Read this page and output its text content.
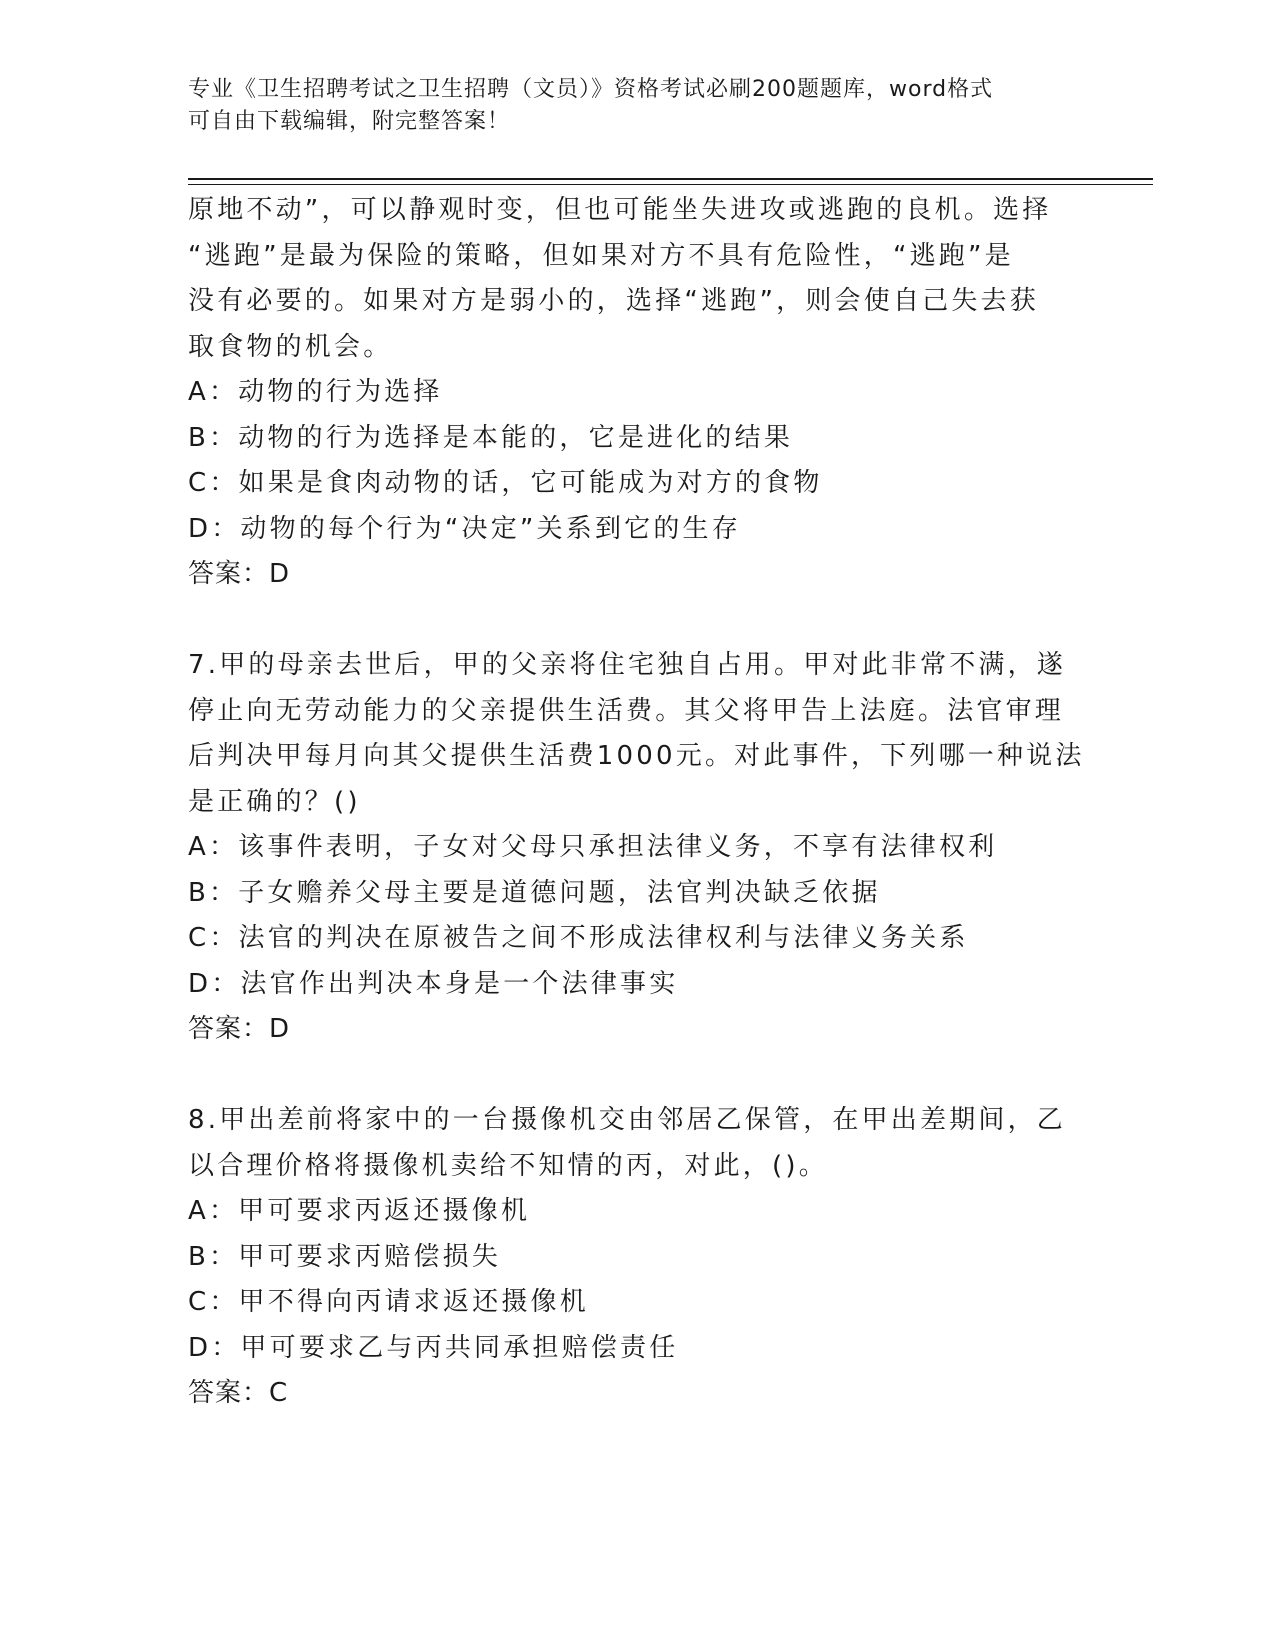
专业《卫生招聘考试之卫生招聘（文员）》资格考试必刷200题题库，word格式
可自由下载编辑，附完整答案！
原地不动”，可以静观时变，但也可能坐失进攻或逃跑的良机。选择
“逃跑”是最为保险的策略，但如果对方不具有危险性，“逃跑”是
没有必要的。如果对方是弱小的，选择“逃跑”，则会使自己失去获
取食物的机会。
A：动物的行为选择
B：动物的行为选择是本能的，它是进化的结果
C：如果是食肉动物的话，它可能成为对方的食物
D：动物的每个行为“决定”关系到它的生存
答案：D
7.甲的母亲去世后，甲的父亲将住宅独自占用。甲对此非常不满，遂
停止向无劳动能力的父亲提供生活费。其父将甲告上法庭。法官审理
后判决甲每月向其父提供生活费1000元。对此事件，下列哪一种说法
是正确的？()
A：该事件表明，子女对父母只承担法律义务，不享有法律权利
B：子女赡养父母主要是道德问题，法官判决缺乏依据
C：法官的判决在原被告之间不形成法律权利与法律义务关系
D：法官作出判决本身是一个法律事实
答案：D
8.甲出差前将家中的一台摄像机交由邻居乙保管，在甲出差期间，乙
以合理价格将摄像机卖给不知情的丙，对此，()。
A：甲可要求丙返还摄像机
B：甲可要求丙赔偿损失
C：甲不得向丙请求返还摄像机
D：甲可要求乙与丙共同承担赔偿责任
答案：C
